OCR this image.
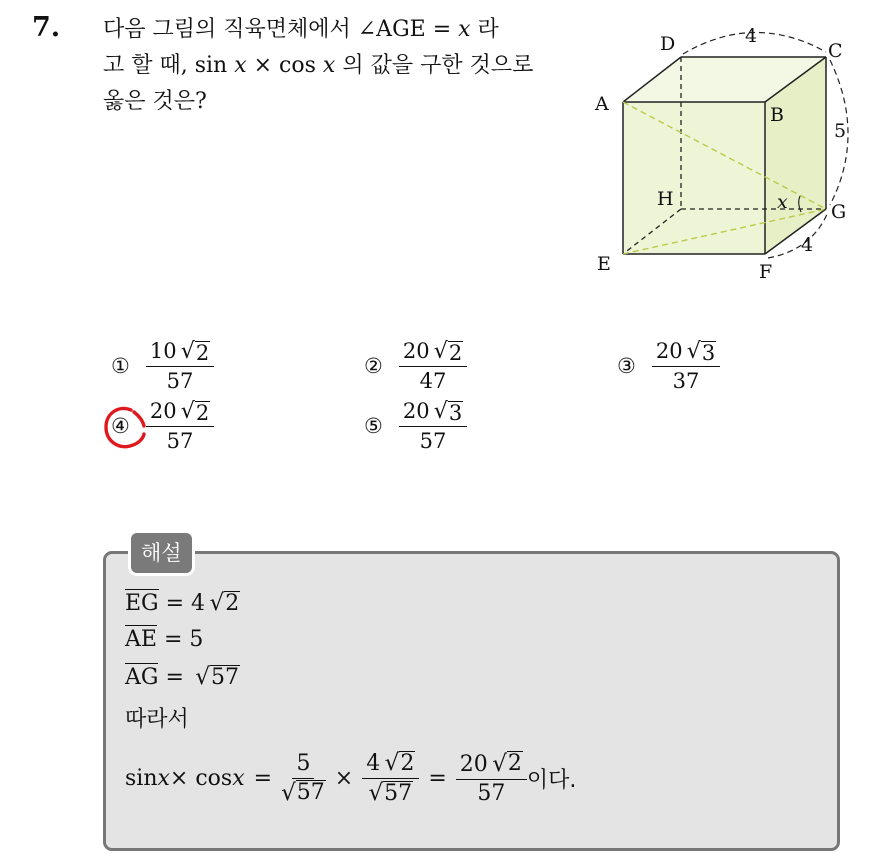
7. 다음 그림의 직육면체에서 ∠AGE = x 라
고 할 때, sin x × cos x 의 값을 구한 것으로
옳은 것은?	A	B
C
D
E	F
G
H
4
5
4
x
① $\frac{10 √ 2}{57}$	② $\frac{20 √ 2}{47}$	③ $\frac{20 √ 3}{37}$
④ $\frac{20 √ 2}{57}$	⑤ $\frac{20 √ 3}{57}$
해설
EG = 4  √ 2
AE = 5
AG =   √ 57
따라서
$\sin x \times \cos x = \frac{5}{√ 57} \times \frac{4 √ 2}{√ 57} = \frac{20 √ 2}{57}$ 이다.
